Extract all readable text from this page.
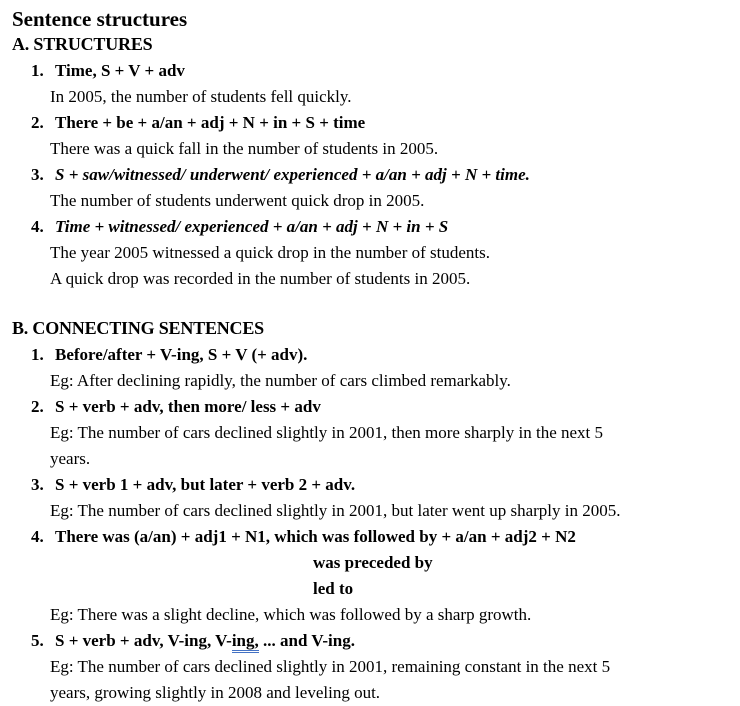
Sentence structures
A. STRUCTURES
1. Time, S + V + adv
In 2005, the number of students fell quickly.
2. There + be + a/an + adj + N + in + S + time
There was a quick fall in the number of students in 2005.
3. S + saw/witnessed/ underwent/ experienced + a/an + adj + N + time.
The number of students underwent quick drop in 2005.
4. Time + witnessed/ experienced + a/an + adj + N + in + S
The year 2005 witnessed a quick drop in the number of students.
A quick drop was recorded in the number of students in 2005.
B. CONNECTING SENTENCES
1. Before/after + V-ing, S + V (+ adv).
Eg: After declining rapidly, the number of cars climbed remarkably.
2. S + verb + adv, then more/ less + adv
Eg: The number of cars declined slightly in 2001, then more sharply in the next 5
years.
3. S + verb 1 + adv, but later + verb 2 + adv.
Eg: The number of cars declined slightly in 2001, but later went up sharply in 2005.
4. There was (a/an) + adj1 + N1, which was followed by + a/an + adj2 + N2
was preceded by
led to
Eg: There was a slight decline, which was followed by a sharp growth.
5. S + verb + adv, V-ing, V-ing, ... and V-ing.
Eg: The number of cars declined slightly in 2001, remaining constant in the next 5
years, growing slightly in 2008 and leveling out.
